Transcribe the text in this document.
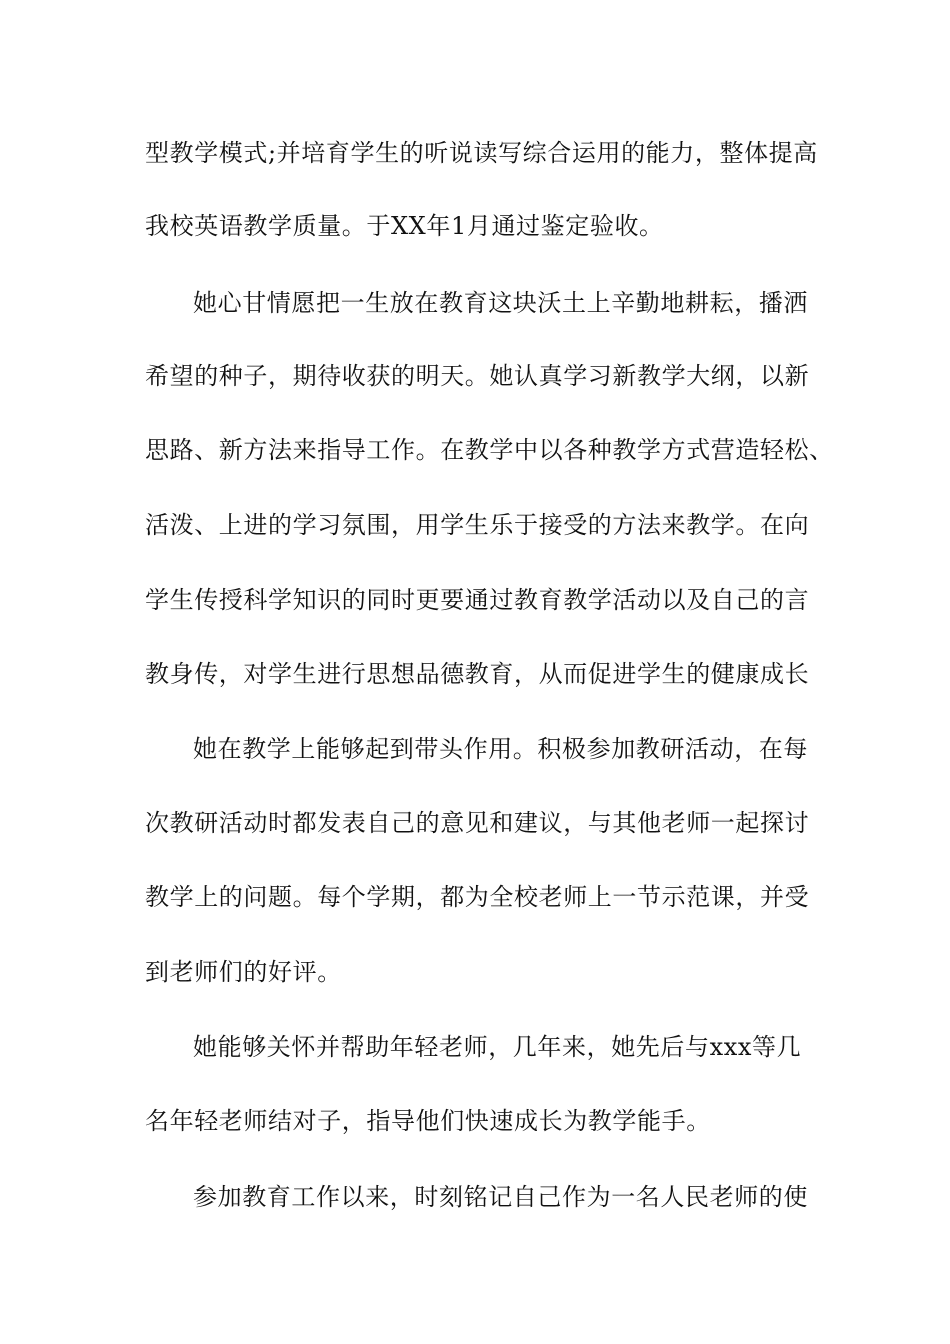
型教学模式;并培育学生的听说读写综合运用的能力，整体提高
我校英语教学质量。于XX年1月通过鉴定验收。
她心甘情愿把一生放在教育这块沃土上辛勤地耕耘，播洒
希望的种子，期待收获的明天。她认真学习新教学大纲，以新
思路、新方法来指导工作。在教学中以各种教学方式营造轻松、
活泼、上进的学习氛围，用学生乐于接受的方法来教学。在向
学生传授科学知识的同时更要通过教育教学活动以及自己的言
教身传，对学生进行思想品德教育，从而促进学生的健康成长
她在教学上能够起到带头作用。积极参加教研活动，在每
次教研活动时都发表自己的意见和建议，与其他老师一起探讨
教学上的问题。每个学期，都为全校老师上一节示范课，并受
到老师们的好评。
她能够关怀并帮助年轻老师，几年来，她先后与xxx等几
名年轻老师结对子，指导他们快速成长为教学能手。
参加教育工作以来，时刻铭记自己作为一名人民老师的使
